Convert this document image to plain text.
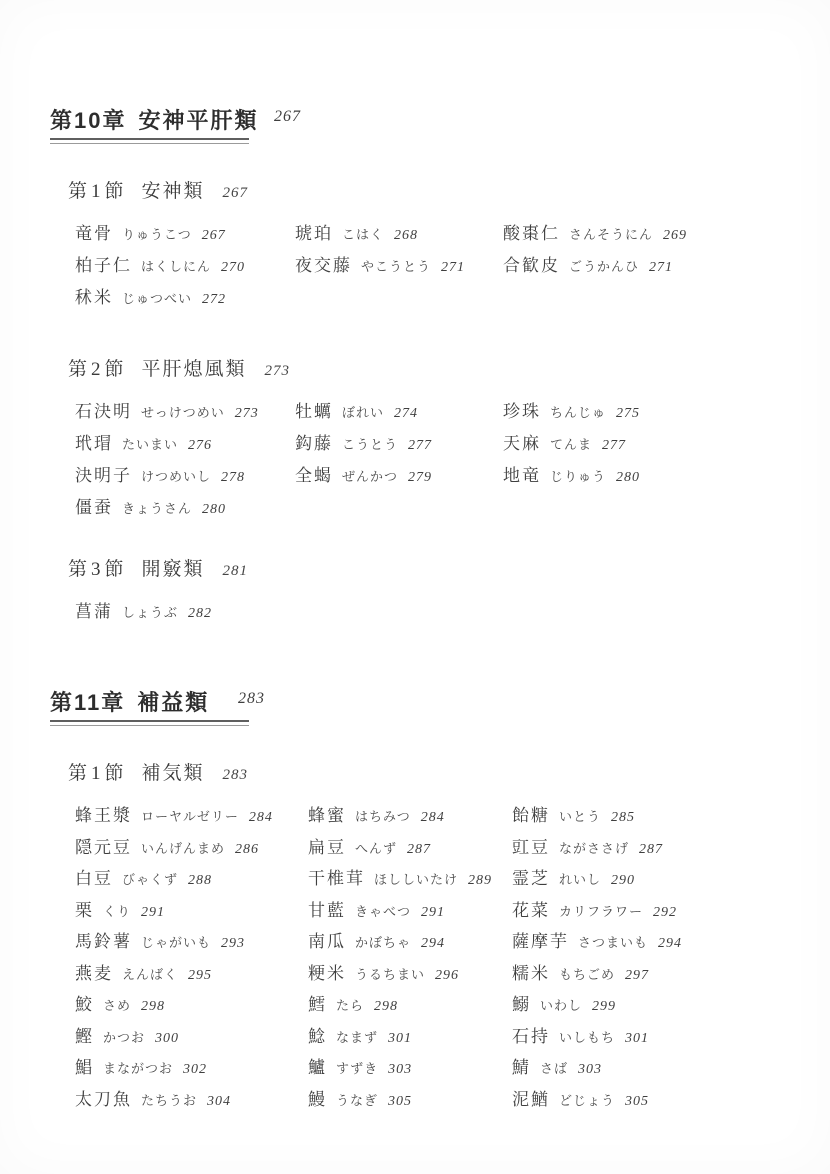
第10章 安神平肝類 267
第1節 安神類 267
竜骨 りゅうこつ 267	琥珀 こはく 268	酸棗仁 さんそうにん 269
柏子仁 はくしにん 270	夜交藤 やこうとう 271	合歓皮 ごうかんひ 271
秫米 じゅつべい 272
第2節 平肝熄風類 273
石決明 せっけつめい 273	牡蠣 ぼれい 274	珍珠 ちんじゅ 275
玳瑁 たいまい 276	鈎藤 こうとう 277	天麻 てんま 277
決明子 けつめいし 278	全蝎 ぜんかつ 279	地竜 じりゅう 280
僵蚕 きょうさん 280
第3節 開竅類 281
菖蒲 しょうぶ 282
第11章 補益類 283
第1節 補気類 283
蜂王漿 ローヤルゼリー 284	蜂蜜 はちみつ 284	飴糖 いとう 285
隠元豆 いんげんまめ 286	扁豆 へんず 287	豇豆 ながささげ 287
白豆 びゃくず 288	干椎茸 ほししいたけ 289	霊芝 れいし 290
栗 くり 291	甘藍 きゃべつ 291	花菜 カリフラワー 292
馬鈴薯 じゃがいも 293	南瓜 かぼちゃ 294	薩摩芋 さつまいも 294
燕麦 えんばく 295	粳米 うるちまい 296	糯米 もちごめ 297
鮫 さめ 298	鱈 たら 298	鰯 いわし 299
鰹 かつお 300	鯰 なまず 301	石持 いしもち 301
鯧 まながつお 302	鱸 すずき 303	鯖 さば 303
太刀魚 たちうお 304	鰻 うなぎ 305	泥鰌 どじょう 305
